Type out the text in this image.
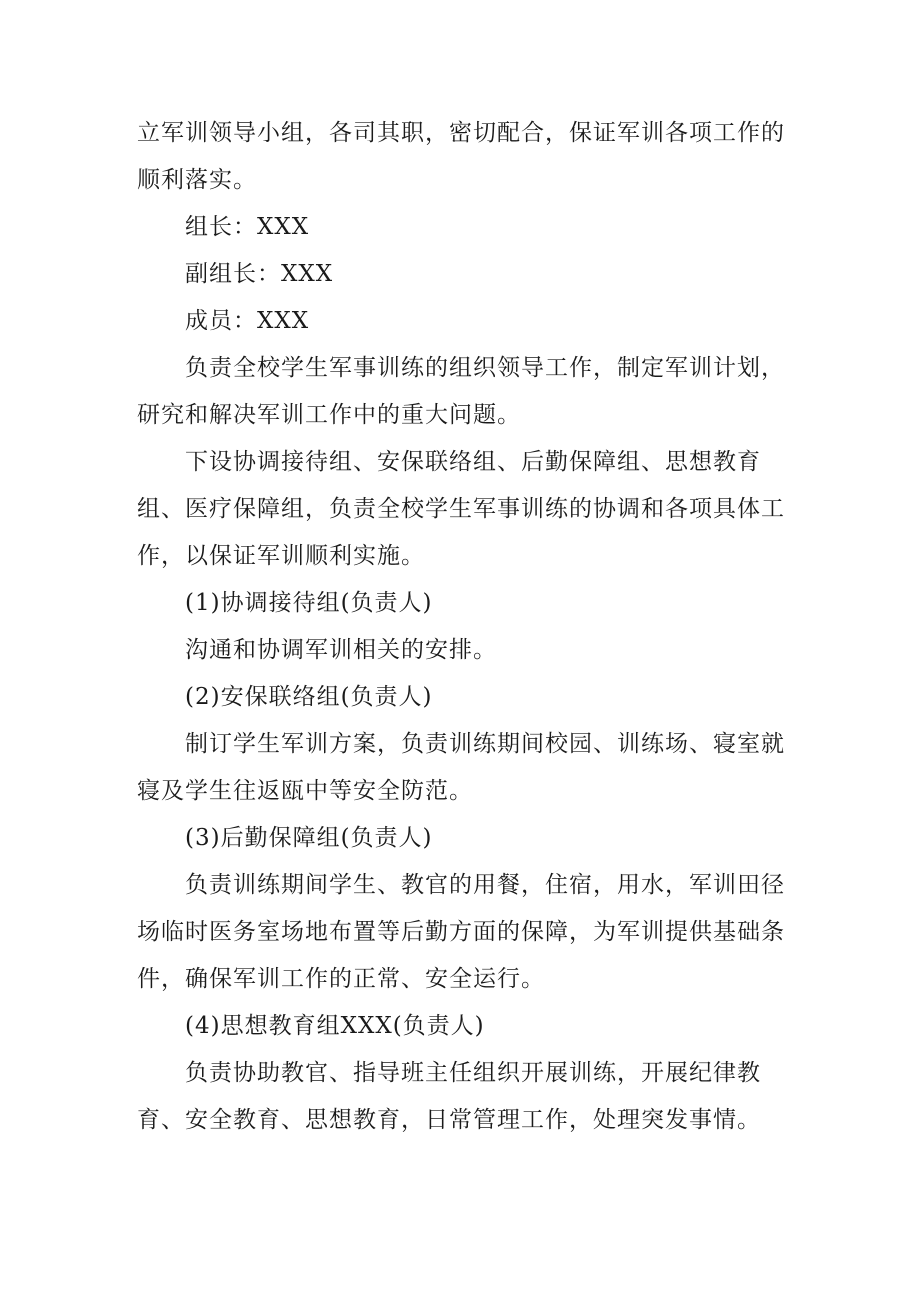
立军训领导小组，各司其职，密切配合，保证军训各项工作的顺利落实。

组长：XXX

副组长：XXX

成员：XXX

负责全校学生军事训练的组织领导工作，制定军训计划，研究和解决军训工作中的重大问题。

下设协调接待组、安保联络组、后勤保障组、思想教育组、医疗保障组，负责全校学生军事训练的协调和各项具体工作，以保证军训顺利实施。

(1)协调接待组(负责人)

沟通和协调军训相关的安排。

(2)安保联络组(负责人)

制订学生军训方案，负责训练期间校园、训练场、寝室就寝及学生往返瓯中等安全防范。

(3)后勤保障组(负责人)

负责训练期间学生、教官的用餐，住宿，用水，军训田径场临时医务室场地布置等后勤方面的保障，为军训提供基础条件，确保军训工作的正常、安全运行。

(4)思想教育组XXX(负责人)

负责协助教官、指导班主任组织开展训练，开展纪律教育、安全教育、思想教育，日常管理工作，处理突发事情。
